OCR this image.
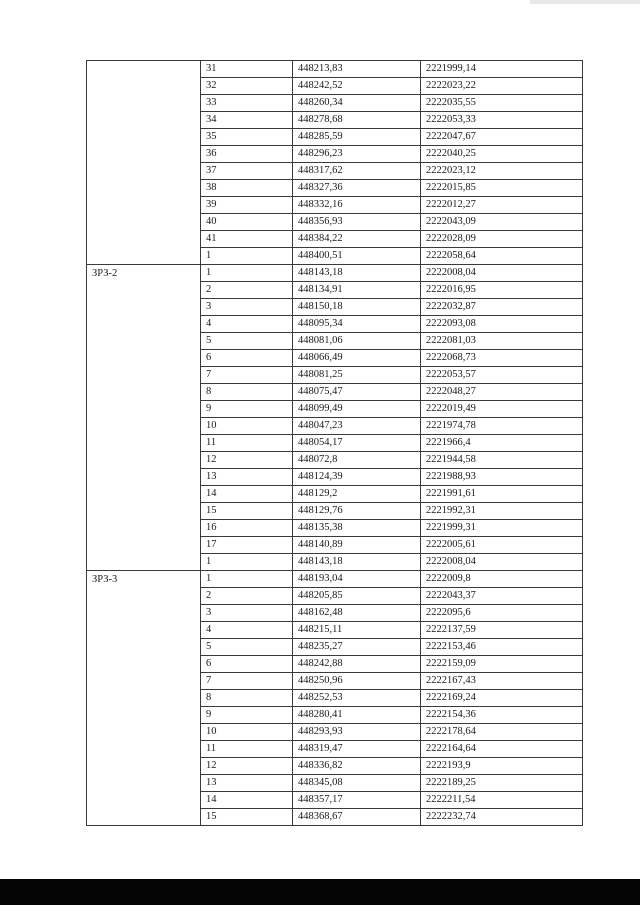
	31	448213,83	2221999,14
	32	448242,52	2222023,22
	33	448260,34	2222035,55
	34	448278,68	2222053,33
	35	448285,59	2222047,67
	36	448296,23	2222040,25
	37	448317,62	2222023,12
	38	448327,36	2222015,85
	39	448332,16	2222012,27
	40	448356,93	2222043,09
	41	448384,22	2222028,09
	1	448400,51	2222058,64
ЗРЗ-2	1	448143,18	2222008,04
	2	448134,91	2222016,95
	3	448150,18	2222032,87
	4	448095,34	2222093,08
	5	448081,06	2222081,03
	6	448066,49	2222068,73
	7	448081,25	2222053,57
	8	448075,47	2222048,27
	9	448099,49	2222019,49
	10	448047,23	2221974,78
	11	448054,17	2221966,4
	12	448072,8	2221944,58
	13	448124,39	2221988,93
	14	448129,2	2221991,61
	15	448129,76	2221992,31
	16	448135,38	2221999,31
	17	448140,89	2222005,61
	1	448143,18	2222008,04
ЗРЗ-3	1	448193,04	2222009,8
	2	448205,85	2222043,37
	3	448162,48	2222095,6
	4	448215,11	2222137,59
	5	448235,27	2222153,46
	6	448242,88	2222159,09
	7	448250,96	2222167,43
	8	448252,53	2222169,24
	9	448280,41	2222154,36
	10	448293,93	2222178,64
	11	448319,47	2222164,64
	12	448336,82	2222193,9
	13	448345,08	2222189,25
	14	448357,17	2222211,54
	15	448368,67	2222232,74
